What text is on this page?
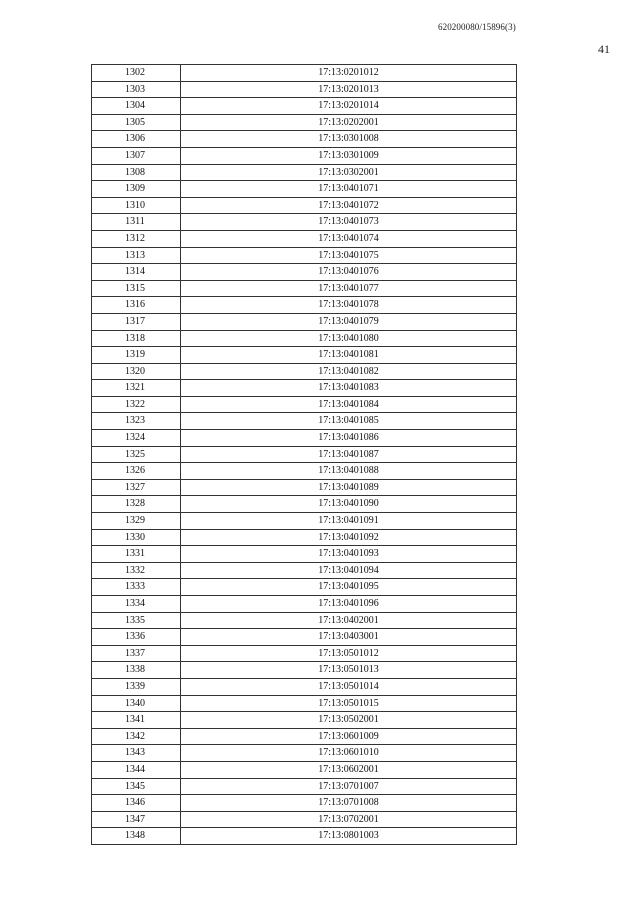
620200080/15896(3)
41
1302	17:13:0201012
1303	17:13:0201013
1304	17:13:0201014
1305	17:13:0202001
1306	17:13:0301008
1307	17:13:0301009
1308	17:13:0302001
1309	17:13:0401071
1310	17:13:0401072
1311	17:13:0401073
1312	17:13:0401074
1313	17:13:0401075
1314	17:13:0401076
1315	17:13:0401077
1316	17:13:0401078
1317	17:13:0401079
1318	17:13:0401080
1319	17:13:0401081
1320	17:13:0401082
1321	17:13:0401083
1322	17:13:0401084
1323	17:13:0401085
1324	17:13:0401086
1325	17:13:0401087
1326	17:13:0401088
1327	17:13:0401089
1328	17:13:0401090
1329	17:13:0401091
1330	17:13:0401092
1331	17:13:0401093
1332	17:13:0401094
1333	17:13:0401095
1334	17:13:0401096
1335	17:13:0402001
1336	17:13:0403001
1337	17:13:0501012
1338	17:13:0501013
1339	17:13:0501014
1340	17:13:0501015
1341	17:13:0502001
1342	17:13:0601009
1343	17:13:0601010
1344	17:13:0602001
1345	17:13:0701007
1346	17:13:0701008
1347	17:13:0702001
1348	17:13:0801003
